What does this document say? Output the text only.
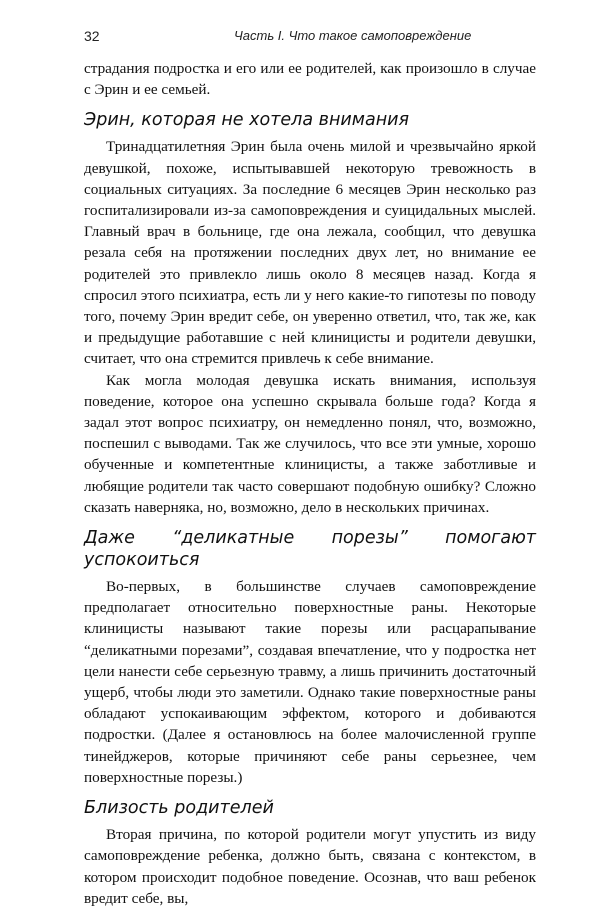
32	Часть I. Что такое самоповреждение

страдания подростка и его или ее родителей, как произошло в случае с Эрин и ее семьей.

Эрин, которая не хотела внимания

Тринадцатилетняя Эрин была очень милой и чрезвычайно яркой девушкой, похоже, испытывавшей некоторую тревожность в социальных ситуациях. За последние 6 месяцев Эрин несколько раз госпитализировали из-за самоповреждения и суицидальных мыслей. Главный врач в больнице, где она лежала, сообщил, что девушка резала себя на протяжении последних двух лет, но внимание ее родителей это привлекло лишь около 8 месяцев назад. Когда я спросил этого психиатра, есть ли у него какие-то гипотезы по поводу того, почему Эрин вредит себе, он уверенно ответил, что, так же, как и предыдущие работавшие с ней клиницисты и родители девушки, считает, что она стремится привлечь к себе внимание.

Как могла молодая девушка искать внимания, используя поведение, которое она успешно скрывала больше года? Когда я задал этот вопрос психиатру, он немедленно понял, что, возможно, поспешил с выводами. Так же случилось, что все эти умные, хорошо обученные и компетентные клиницисты, а также заботливые и любящие родители так часто совершают подобную ошибку? Сложно сказать наверняка, но, возможно, дело в нескольких причинах.

Даже “деликатные порезы” помогают успокоиться

Во-первых, в большинстве случаев самоповреждение предполагает относительно поверхностные раны. Некоторые клиницисты называют такие порезы или расцарапывание “деликатными порезами”, создавая впечатление, что у подростка нет цели нанести себе серьезную травму, а лишь причинить достаточный ущерб, чтобы люди это заметили. Однако такие поверхностные раны обладают успокаивающим эффектом, которого и добиваются подростки. (Далее я остановлюсь на более малочисленной группе тинейджеров, которые причиняют себе раны серьезнее, чем поверхностные порезы.)

Близость родителей

Вторая причина, по которой родители могут упустить из виду самоповреждение ребенка, должно быть, связана с контекстом, в котором происходит подобное поведение. Осознав, что ваш ребенок вредит себе, вы,
